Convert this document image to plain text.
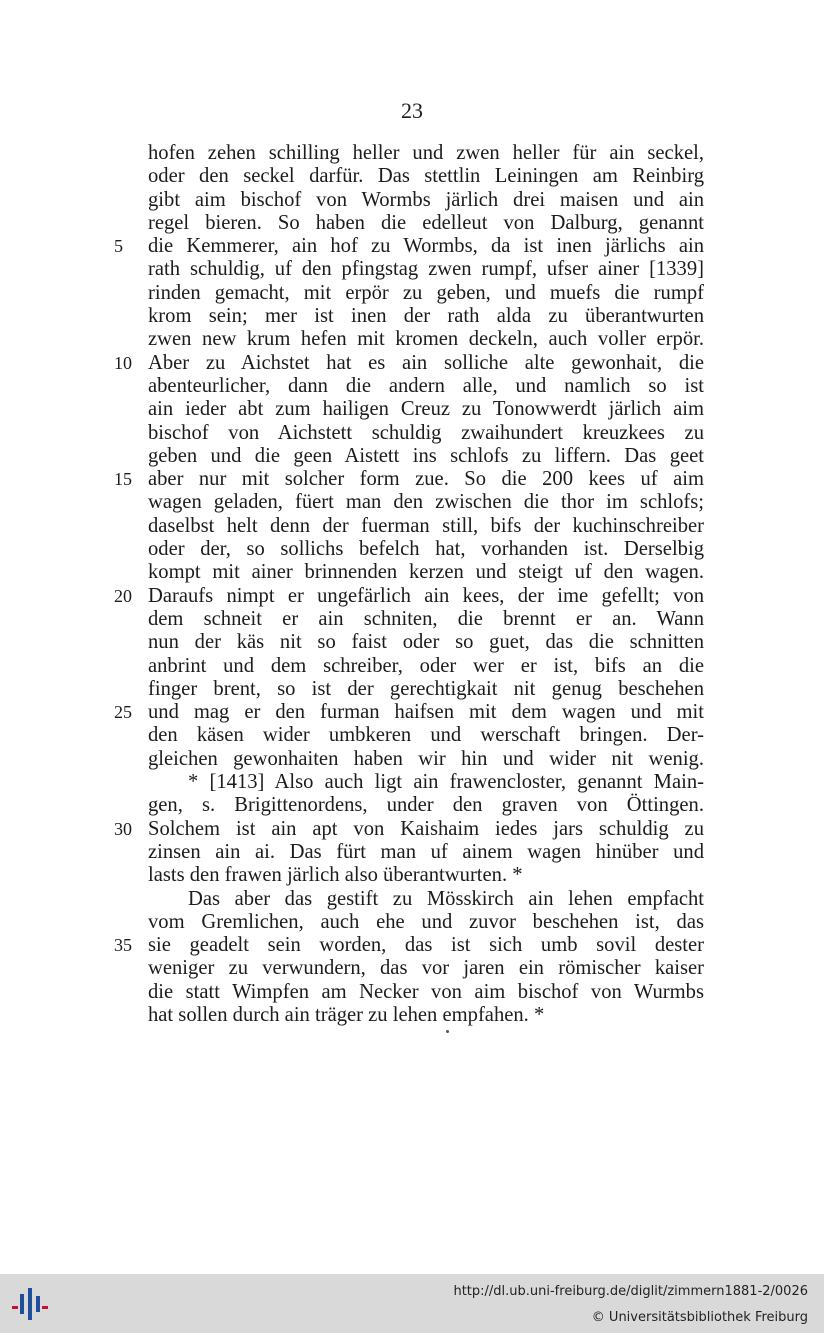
23
hofen zehen schilling heller und zwen heller für ain seckel,
oder den seckel darfür. Das stettlin Leiningen am Reinbirg
gibt aim bischof von Wormbs järlich drei maisen und ain
regel bieren. So haben die edelleut von Dalburg, genannt
die Kemmerer, ain hof zu Wormbs, da ist inen järlichs ain
5
rath schuldig, uf den pfingstag zwen rumpf, ufser ainer [1339]
rinden gemacht, mit erpör zu geben, und muefs die rumpf
krom sein; mer ist inen der rath alda zu überantwurten
zwen new krum hefen mit kromen deckeln, auch voller erpör.
Aber zu Aichstet hat es ain solliche alte gewonhait, die
10
abenteurlicher, dann die andern alle, und namlich so ist
ain ieder abt zum hailigen Creuz zu Tonowwerdt järlich aim
bischof von Aichstett schuldig zwaihundert kreuzkees zu
geben und die geen Aistett ins schlofs zu liffern. Das geet
aber nur mit solcher form zue. So die 200 kees uf aim
15
wagen geladen, füert man den zwischen die thor im schlofs;
daselbst helt denn der fuerman still, bifs der kuchinschreiber
oder der, so sollichs befelch hat, vorhanden ist. Derselbig
kompt mit ainer brinnenden kerzen und steigt uf den wagen.
Daraufs nimpt er ungefärlich ain kees, der ime gefellt; von
20
dem schneit er ain schniten, die brennt er an. Wann
nun der käs nit so faist oder so guet, das die schnitten
anbrint und dem schreiber, oder wer er ist, bifs an die
finger brent, so ist der gerechtigkait nit genug beschehen
und mag er den furman haifsen mit dem wagen und mit
25
den käsen wider umbkeren und werschaft bringen. Der-
gleichen gewonhaiten haben wir hin und wider nit wenig.
* [1413] Also auch ligt ain frawencloster, genannt Main-
gen, s. Brigittenordens, under den graven von Öttingen.
Solchem ist ain apt von Kaishaim iedes jars schuldig zu
30
zinsen ain ai. Das fürt man uf ainem wagen hinüber und
lasts den frawen järlich also überantwurten. *
Das aber das gestift zu Mösskirch ain lehen empfacht
vom Gremlichen, auch ehe und zuvor beschehen ist, das
sie geadelt sein worden, das ist sich umb sovil dester
35
weniger zu verwundern, das vor jaren ein römischer kaiser
die statt Wimpfen am Necker von aim bischof von Wurmbs
hat sollen durch ain träger zu lehen empfahen. *
http://dl.ub.uni-freiburg.de/diglit/zimmern1881-2/0026
© Universitätsbibliothek Freiburg
